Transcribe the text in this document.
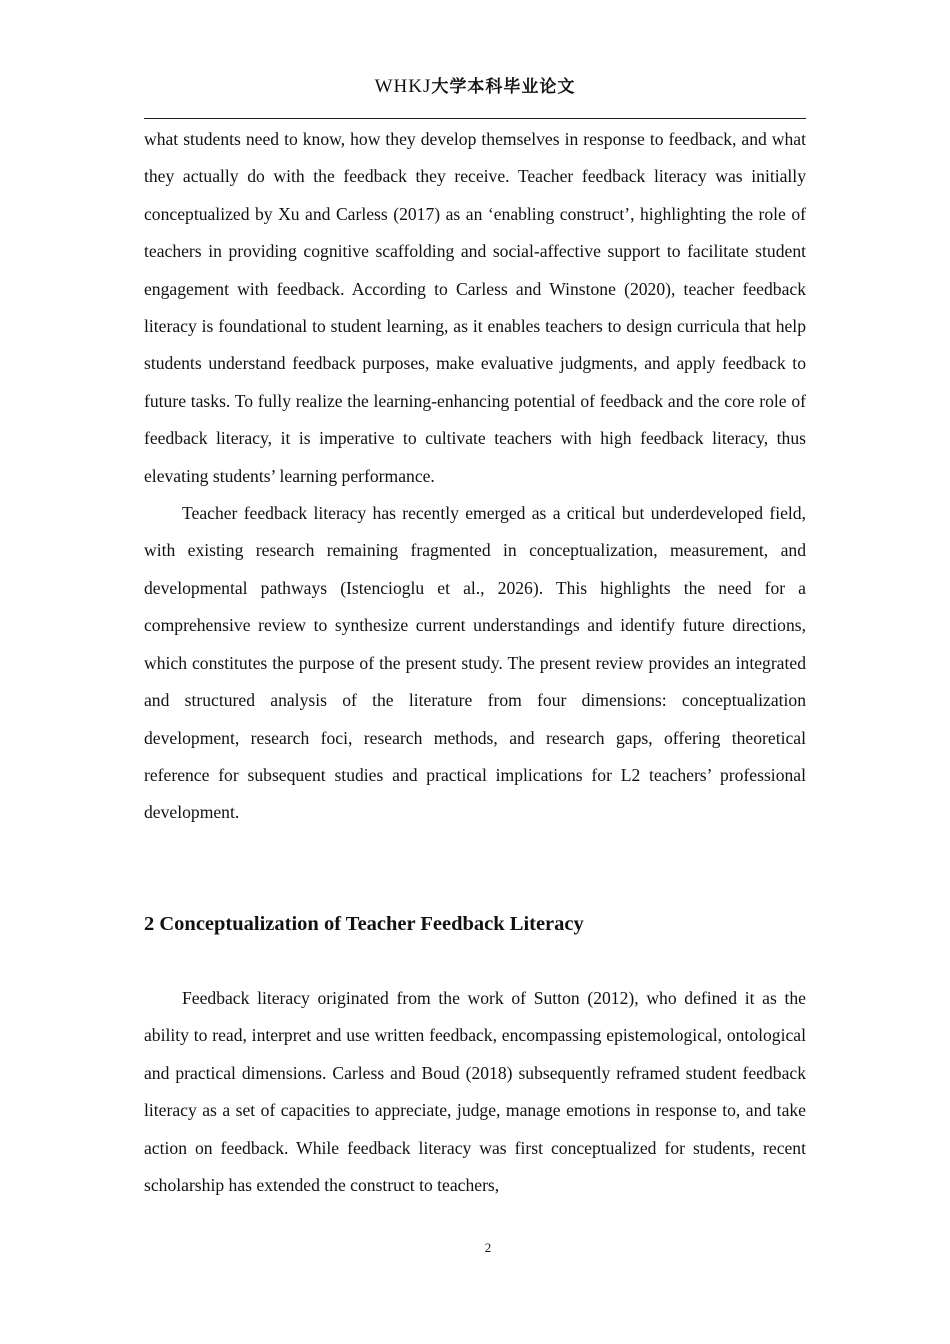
WHKJ大学本科毕业论文

what students need to know, how they develop themselves in response to feedback, and what they actually do with the feedback they receive. Teacher feedback literacy was initially conceptualized by Xu and Carless (2017) as an ‘enabling construct’, highlighting the role of teachers in providing cognitive scaffolding and social-affective support to facilitate student engagement with feedback. According to Carless and Winstone (2020), teacher feedback literacy is foundational to student learning, as it enables teachers to design curricula that help students understand feedback purposes, make evaluative judgments, and apply feedback to future tasks. To fully realize the learning-enhancing potential of feedback and the core role of feedback literacy, it is imperative to cultivate teachers with high feedback literacy, thus elevating students’ learning performance.

Teacher feedback literacy has recently emerged as a critical but underdeveloped field, with existing research remaining fragmented in conceptualization, measurement, and developmental pathways (Istencioglu et al., 2026). This highlights the need for a comprehensive review to synthesize current understandings and identify future directions, which constitutes the purpose of the present study. The present review provides an integrated and structured analysis of the literature from four dimensions: conceptualization development, research foci, research methods, and research gaps, offering theoretical reference for subsequent studies and practical implications for L2 teachers’ professional development.

2 Conceptualization of Teacher Feedback Literacy

Feedback literacy originated from the work of Sutton (2012), who defined it as the ability to read, interpret and use written feedback, encompassing epistemological, ontological and practical dimensions. Carless and Boud (2018) subsequently reframed student feedback literacy as a set of capacities to appreciate, judge, manage emotions in response to, and take action on feedback. While feedback literacy was first conceptualized for students, recent scholarship has extended the construct to teachers,

2
